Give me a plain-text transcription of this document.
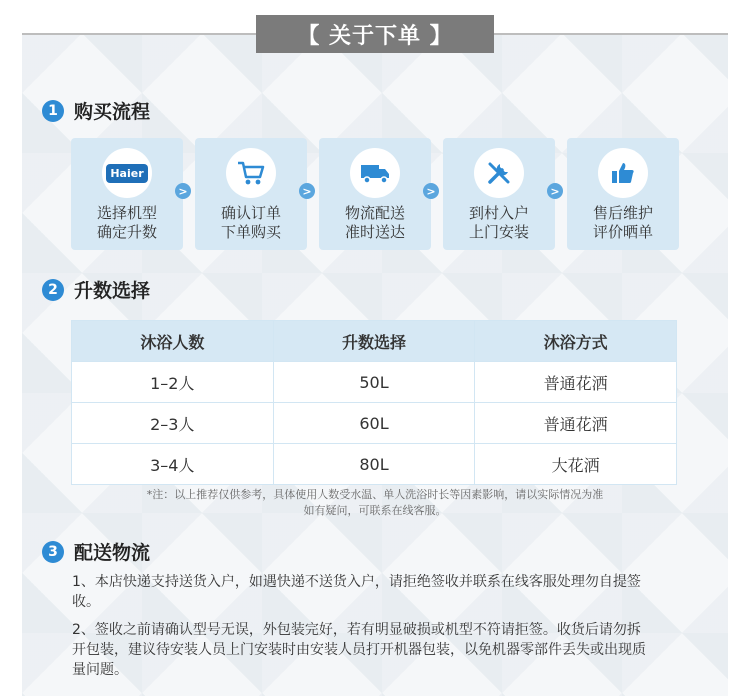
【 关于下单 】
1 购买流程
Haier
选择机型
确定升数
>
确认订单
下单购买
>
物流配送
准时送达
>
到村入户
上门安装
>
售后维护
评价晒单
2 升数选择
沐浴人数	升数选择	沐浴方式
1–2人	50L	普通花洒
2–3人	60L	普通花洒
3–4人	80L	大花洒
*注：以上推荐仅供参考，具体使用人数受水温、单人洗浴时长等因素影响，请以实际情况为准
如有疑问，可联系在线客服。
3 配送物流
1、本店快递支持送货入户，如遇快递不送货入户，请拒绝签收并联系在线客服处理勿自提签收。
2、签收之前请确认型号无误，外包装完好，若有明显破损或机型不符请拒签。收货后请勿拆开包装，建议待安装人员上门安装时由安装人员打开机器包装，以免机器零部件丢失或出现质量问题。
